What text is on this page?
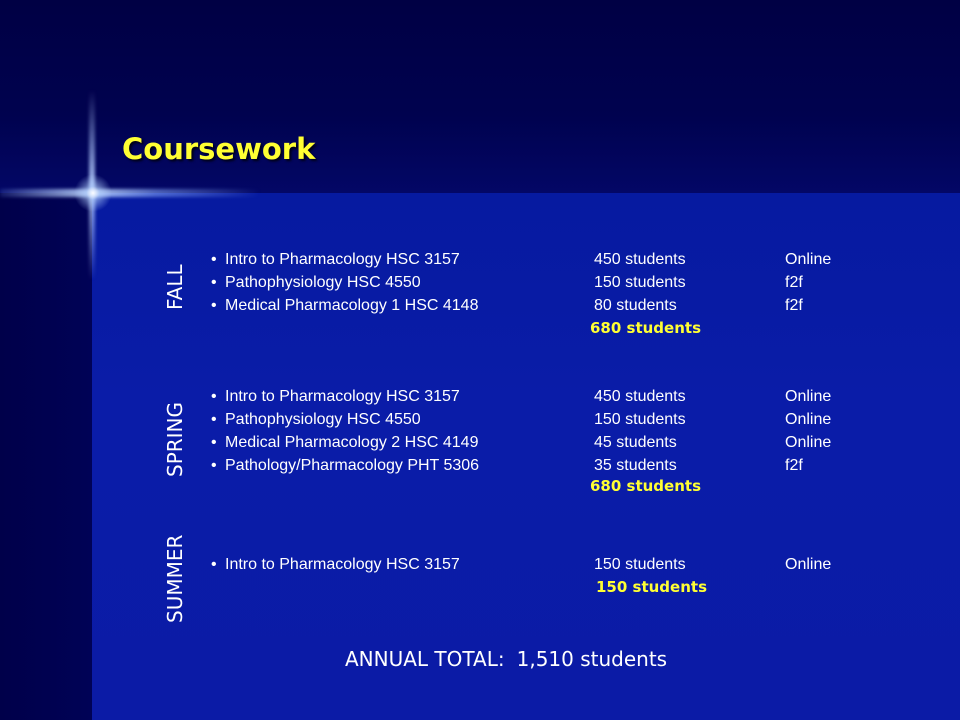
Coursework
FALL
SPRING
SUMMER
• Intro to Pharmacology HSC 3157	450 students	Online
• Pathophysiology HSC 4550	150 students	f2f
• Medical Pharmacology 1 HSC 4148	80 students	f2f
680 students
• Intro to Pharmacology HSC 3157	450 students	Online
• Pathophysiology HSC 4550	150 students	Online
• Medical Pharmacology 2 HSC 4149	45 students	Online
• Pathology/Pharmacology PHT 5306	35 students	f2f
680 students
• Intro to Pharmacology HSC 3157	150 students	Online
150 students
ANNUAL TOTAL: 1,510 students
